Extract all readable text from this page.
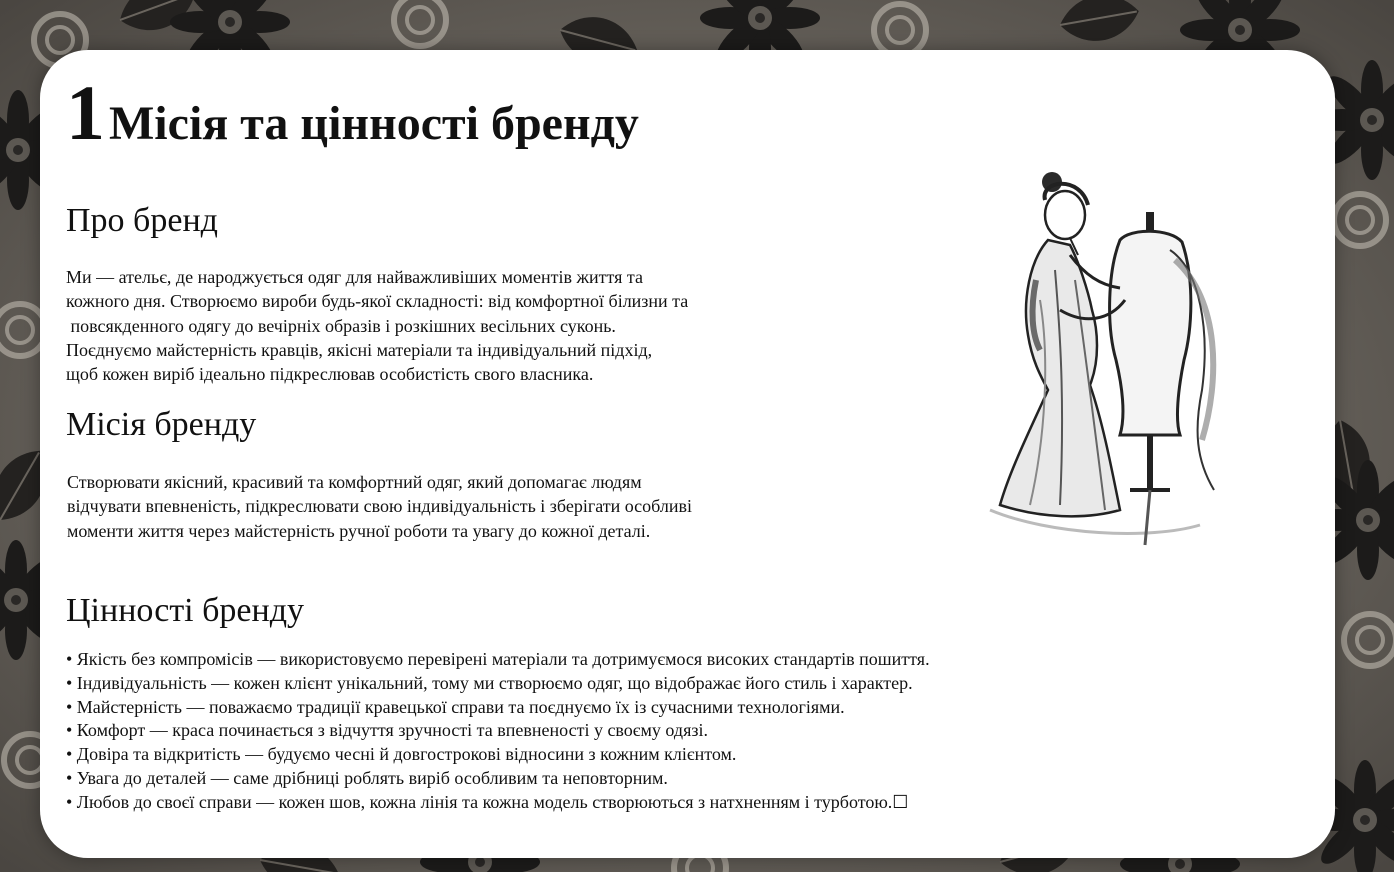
1 Місія та цінності бренду
Про бренд

Ми — ательє, де народжується одяг для найважливіших моментів життя та
кожного дня. Створюємо вироби будь-якої складності: від комфортної білизни та
повсякденного одягу до вечірніх образів і розкішних весільних суконь.
Поєднуємо майстерність кравців, якісні матеріали та індивідуальний підхід,
щоб кожен виріб ідеально підкреслював особистість свого власника.

Місія бренду

Створювати якісний, красивий та комфортний одяг, який допомагає людям
відчувати впевненість, підкреслювати свою індивідуальність і зберігати особливі
моменти життя через майстерність ручної роботи та увагу до кожної деталі.

Цінності бренду
• Якість без компромісів — використовуємо перевірені матеріали та дотримуємося високих стандартів пошиття.
• Індивідуальність — кожен клієнт унікальний, тому ми створюємо одяг, що відображає його стиль і характер.
• Майстерність — поважаємо традиції кравецької справи та поєднуємо їх із сучасними технологіями.
• Комфорт — краса починається з відчуття зручності та впевненості у своєму одязі.
• Довіра та відкритість — будуємо чесні й довгострокові відносини з кожним клієнтом.
• Увага до деталей — саме дрібниці роблять виріб особливим та неповторним.
• Любов до своєї справи — кожен шов, кожна лінія та кожна модель створюються з натхненням і турботою.☐
